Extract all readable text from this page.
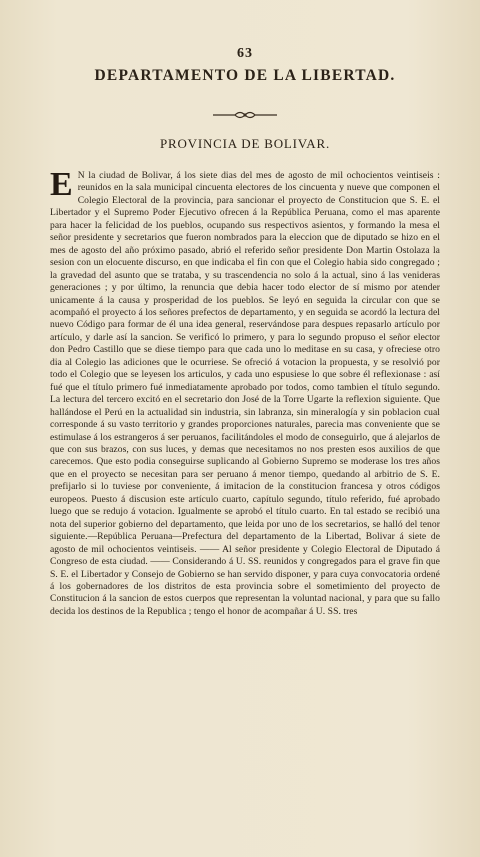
63
DEPARTAMENTO DE LA LIBERTAD.
PROVINCIA DE BOLIVAR.

E N la ciudad de Bolivar, á los siete dias del mes de agosto de mil ochocientos veintiseis : reunidos en la sala municipal cincuenta electores de los cincuenta y nueve que componen el Colegio Electoral de la provincia, para sancionar el proyecto de Constitucion que S. E. el Libertador y el Supremo Poder Ejecutivo ofrecen á la República Peruana, como el mas aparente para hacer la felicidad de los pueblos, ocupando sus respectivos asientos, y formando la mesa el señor presidente y secretarios que fueron nombrados para la eleccion que de diputado se hizo en el mes de agosto del año próximo pasado, abrió el referido señor presidente Don Martin Ostolaza la sesion con un elocuente discurso, en que indicaba el fin con que el Colegio habia sido congregado ; la gravedad del asunto que se trataba, y su trascendencia no solo á la actual, sino á las venideras generaciones ; y por último, la renuncia que debia hacer todo elector de sí mismo por atender unicamente á la causa y prosperidad de los pueblos. Se leyó en seguida la circular con que se acompañó el proyecto á los señores prefectos de departamento, y en seguida se acordó la lectura del nuevo Código para formar de él una idea general, reservándose para despues repasarlo artículo por artículo, y darle así la sancion. Se verificó lo primero, y para lo segundo propuso el señor elector don Pedro Castillo que se diese tiempo para que cada uno lo meditase en su casa, y ofreciese otro dia al Colegio las adiciones que le ocurriese. Se ofreció á votacion la propuesta, y se resolvió por todo el Colegio que se leyesen los articulos, y cada uno espusiese lo que sobre él reflexionase : así fué que el título primero fué inmediatamente aprobado por todos, como tambien el título segundo. La lectura del tercero excitó en el secretario don José de la Torre Ugarte la reflexion siguiente. Que hallándose el Perú en la actualidad sin industria, sin labranza, sin mineralogía y sin poblacion cual corresponde á su vasto territorio y grandes proporciones naturales, parecia mas conveniente que se estimulase á los estrangeros á ser peruanos, facilitándoles el modo de conseguirlo, que á alejarlos de que con sus brazos, con sus luces, y demas que necesitamos no nos presten esos auxilios de que carecemos. Que esto podia conseguirse suplicando al Gobierno Supremo se moderase los tres años que en el proyecto se necesitan para ser peruano á menor tiempo, quedando al arbitrio de S. E. prefijarlo si lo tuviese por conveniente, á imitacion de la constitucion francesa y otros códigos europeos. Puesto á discusion este artículo cuarto, capítulo segundo, título referido, fué aprobado luego que se redujo á votacion. Igualmente se aprobó el título cuarto. En tal estado se recibió una nota del superior gobierno del departamento, que leida por uno de los secretarios, se halló del tenor siguiente.—República Peruana—Prefectura del departamento de la Libertad, Bolivar á siete de agosto de mil ochocientos veintiseis. —— Al señor presidente y Colegio Electoral de Diputado á Congreso de esta ciudad. —— Considerando á U. SS. reunidos y congregados para el grave fin que S. E. el Libertador y Consejo de Gobierno se han servido disponer, y para cuya convocatoria ordené á los gobernadores de los distritos de esta provincia sobre el sometimiento del proyecto de Constitucion á la sancion de estos cuerpos que representan la voluntad nacional, y para que su fallo decida los destinos de la Republica ; tengo el honor de acompañar á U. SS. tres
